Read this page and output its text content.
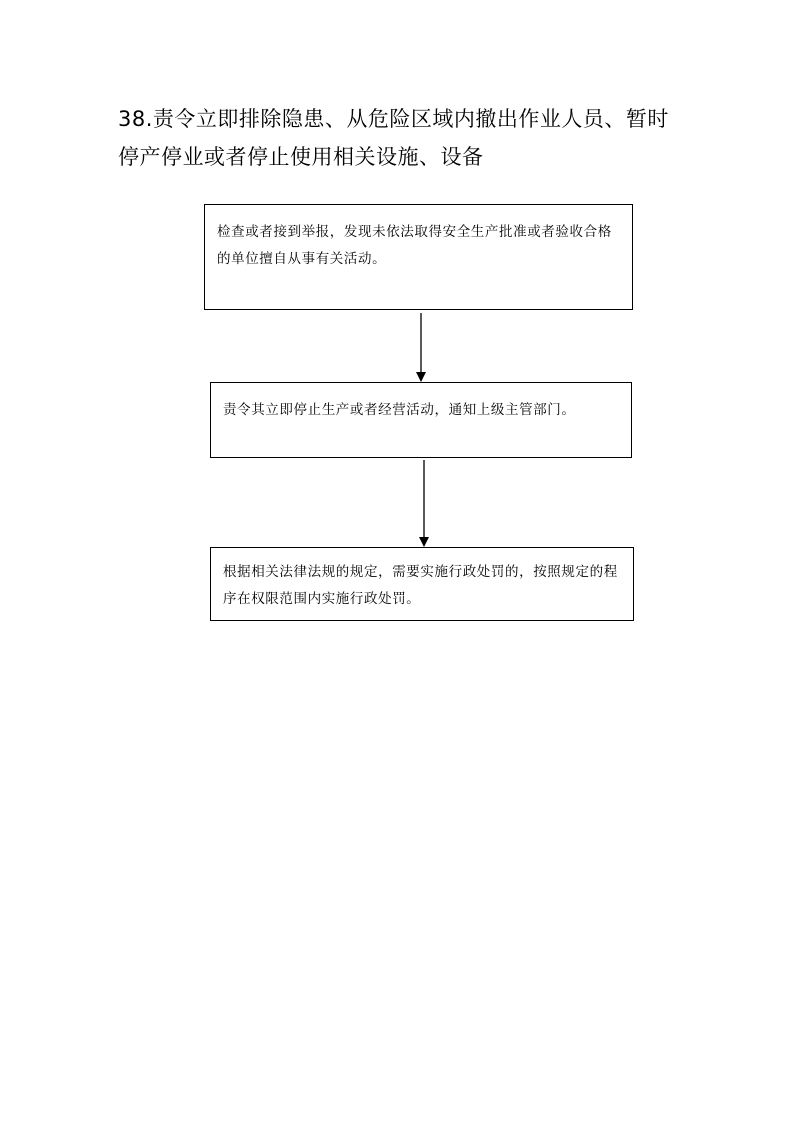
38.责令立即排除隐患、从危险区域内撤出作业人员、暂时停产停业或者停止使用相关设施、设备

检查或者接到举报，发现未依法取得安全生产批准或者验收合格的单位擅自从事有关活动。

责令其立即停止生产或者经营活动，通知上级主管部门。

根据相关法律法规的规定，需要实施行政处罚的，按照规定的程序在权限范围内实施行政处罚。
